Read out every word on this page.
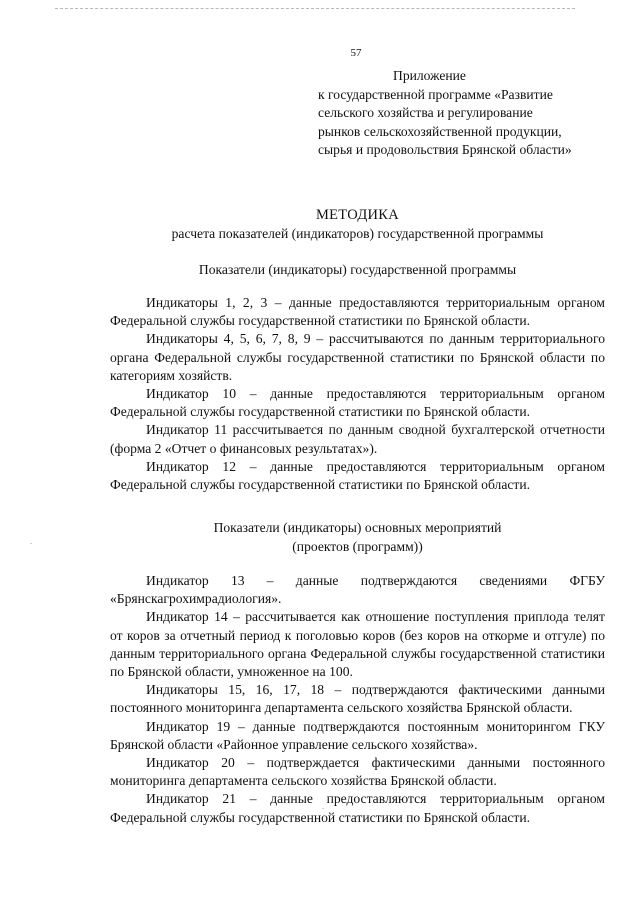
57
Приложение
к государственной программе «Развитие
сельского хозяйства и регулирование
рынков сельскохозяйственной продукции,
сырья и продовольствия Брянской области»
МЕТОДИКА
расчета показателей (индикаторов) государственной программы
Показатели (индикаторы) государственной программы

Индикаторы 1, 2, 3 – данные предоставляются территориальным органом Федеральной службы государственной статистики по Брянской области.

Индикаторы 4, 5, 6, 7, 8, 9 – рассчитываются по данным территориального органа Федеральной службы государственной статистики по Брянской области по категориям хозяйств.

Индикатор 10 – данные предоставляются территориальным органом Федеральной службы государственной статистики по Брянской области.

Индикатор 11 рассчитывается по данным сводной бухгалтерской отчетности (форма 2 «Отчет о финансовых результатах»).

Индикатор 12 – данные предоставляются территориальным органом Федеральной службы государственной статистики по Брянской области.

Показатели (индикаторы) основных мероприятий
(проектов (программ))

Индикатор 13 – данные подтверждаются сведениями ФГБУ «Брянскагрохимрадиология».

Индикатор 14 – рассчитывается как отношение поступления приплода телят от коров за отчетный период к поголовью коров (без коров на откорме и отгуле) по данным территориального органа Федеральной службы государственной статистики по Брянской области, умноженное на 100.

Индикаторы 15, 16, 17, 18 – подтверждаются фактическими данными постоянного мониторинга департамента сельского хозяйства Брянской области.

Индикатор 19 – данные подтверждаются постоянным мониторингом ГКУ Брянской области «Районное управление сельского хозяйства».

Индикатор 20 – подтверждается фактическими данными постоянного мониторинга департамента сельского хозяйства Брянской области.

Индикатор 21 – данные предоставляются территориальным органом Федеральной службы государственной статистики по Брянской области.
